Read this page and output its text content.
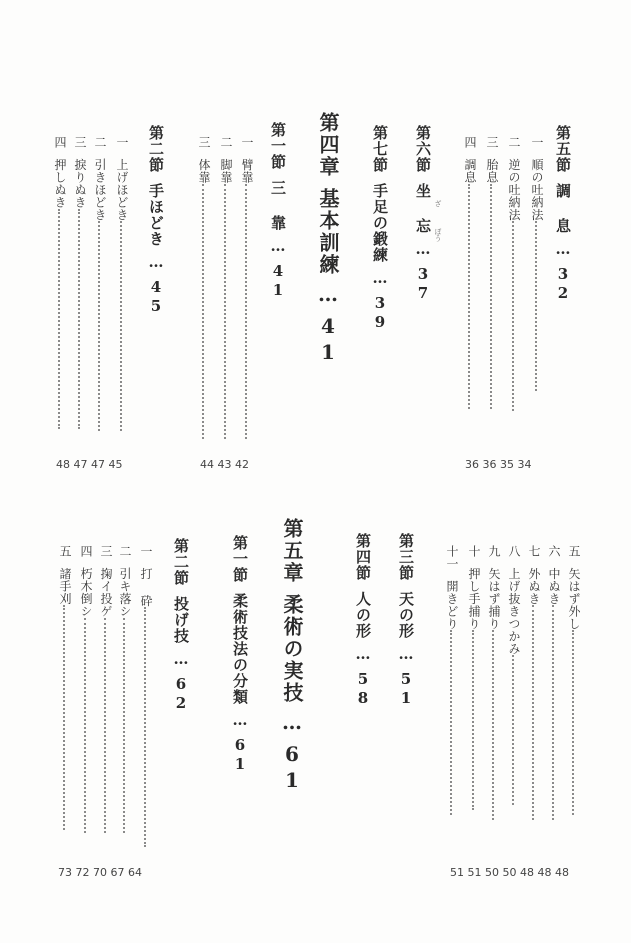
第五節調 息…32
一順の吐納法
二逆の吐納法
三胎息
四調息
36 36 35 34
第六節坐 忘…37
ざ
ぼう
第七節手足の鍛練…39
第四章基本訓練…41
第一節三 靠…41
一臂靠
二脚靠
三体靠
44 43 42
第二節手ほどき…45
一上げほどき
二引きほどき
三捩りぬき
四押しぬき
48 47 47 45
五矢はず外し
六中ぬき
七外ぬき
八上げ抜きつかみ
九矢はず捕り
十押し手捕り
十一開きどり
51 51 50 50 48 48 48
第三節天の形…51
第四節人の形…58
第五章柔術の実技…61
第一節柔術技法の分類…61
第二節投げ技…62
一打 砕
二引キ落シ
三掬イ投ゲ
四朽木倒シ
五諸手刈
73 72 70 67 64
